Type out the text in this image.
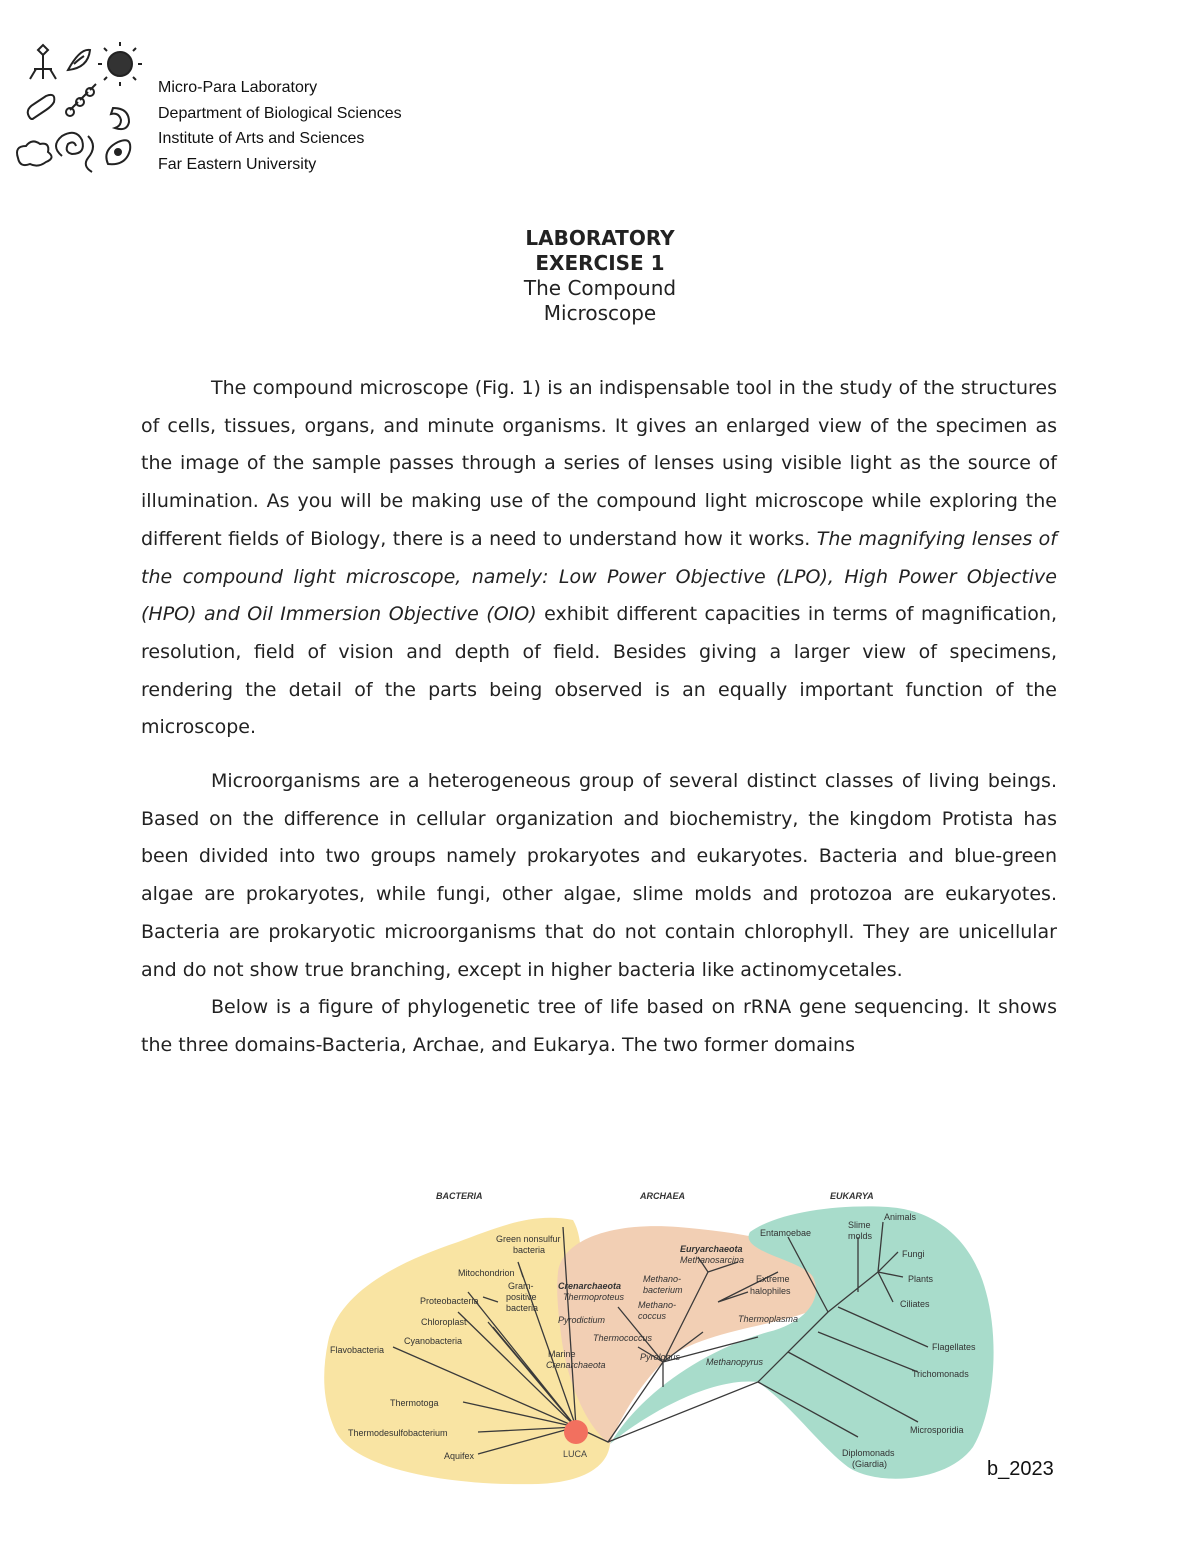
Micro-Para Laboratory
Department of Biological Sciences
Institute of Arts and Sciences
Far Eastern University
LABORATORY
EXERCISE 1
The Compound
Microscope

The compound microscope (Fig. 1) is an indispensable tool in the study of the structures of cells, tissues, organs, and minute organisms. It gives an enlarged view of the specimen as the image of the sample passes through a series of lenses using visible light as the source of illumination. As you will be making use of the compound light microscope while exploring the different fields of Biology, there is a need to understand how it works. The magnifying lenses of the compound light microscope, namely: Low Power Objective (LPO), High Power Objective (HPO) and Oil Immersion Objective (OIO) exhibit different capacities in terms of magnification, resolution, field of vision and depth of field. Besides giving a larger view of specimens, rendering the detail of the parts being observed is an equally important function of the microscope.

Microorganisms are a heterogeneous group of several distinct classes of living beings. Based on the difference in cellular organization and biochemistry, the kingdom Protista has been divided into two groups namely prokaryotes and eukaryotes. Bacteria and blue-green algae are prokaryotes, while fungi, other algae, slime molds and protozoa are eukaryotes. Bacteria are prokaryotic microorganisms that do not contain chlorophyll. They are unicellular and do not show true branching, except in higher bacteria like actinomycetales.

Below is a figure of phylogenetic tree of life based on rRNA gene sequencing. It shows the three domains-Bacteria, Archae, and Eukarya. The two former domains

LUCA
BACTERIA	ARCHAEA	EUKARYA
Green nonsulfur
bacteria
Mitochondrion
Gram-
positive
bacteria
Proteobacteria
Chloroplast
Cyanobacteria
Flavobacteria
Thermotoga
Thermodesulfobacterium
Aquifex
Euryarchaeota
Methanosarcina
Crenarchaeota
Thermoproteus
Methano-
bacterium
Extreme
halophiles
Methano-
coccus
Pyrodictium	Thermoplasma
Thermococcus
Marine
Crenarchaeota
Pyrolobus	Methanopyrus
Entamoebae
Slime
molds
Animals
Fungi
Plants
Ciliates
Flagellates
Trichomonads
Microsporidia
Diplomonads
(Giardia)	b_2023
